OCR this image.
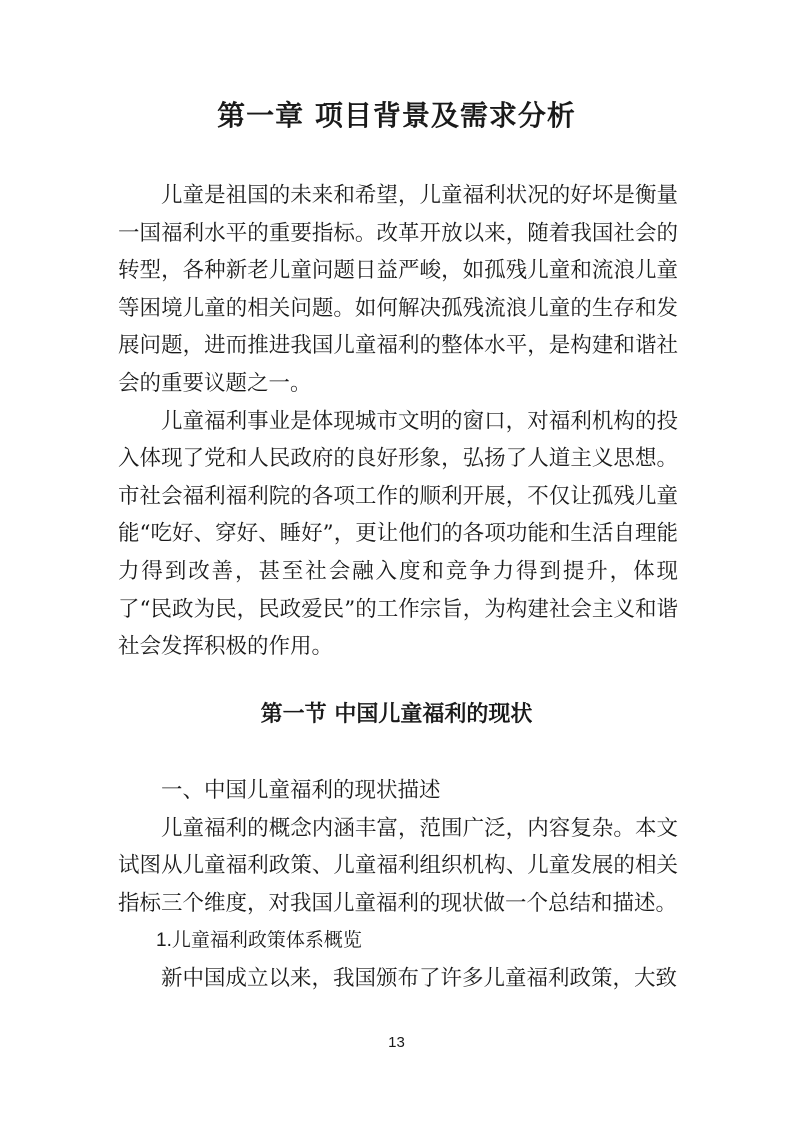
第一章 项目背景及需求分析

儿童是祖国的未来和希望，儿童福利状况的好坏是衡量一国福利水平的重要指标。改革开放以来，随着我国社会的转型，各种新老儿童问题日益严峻，如孤残儿童和流浪儿童等困境儿童的相关问题。如何解决孤残流浪儿童的生存和发展问题，进而推进我国儿童福利的整体水平，是构建和谐社会的重要议题之一。

儿童福利事业是体现城市文明的窗口，对福利机构的投入体现了党和人民政府的良好形象，弘扬了人道主义思想。市社会福利福利院的各项工作的顺利开展，不仅让孤残儿童能“吃好、穿好、睡好”，更让他们的各项功能和生活自理能力得到改善，甚至社会融入度和竞争力得到提升，体现了“民政为民，民政爱民”的工作宗旨，为构建社会主义和谐社会发挥积极的作用。

第一节 中国儿童福利的现状

一、中国儿童福利的现状描述

儿童福利的概念内涵丰富，范围广泛，内容复杂。本文试图从儿童福利政策、儿童福利组织机构、儿童发展的相关指标三个维度，对我国儿童福利的现状做一个总结和描述。

1.儿童福利政策体系概览

新中国成立以来，我国颁布了许多儿童福利政策，大致

13
